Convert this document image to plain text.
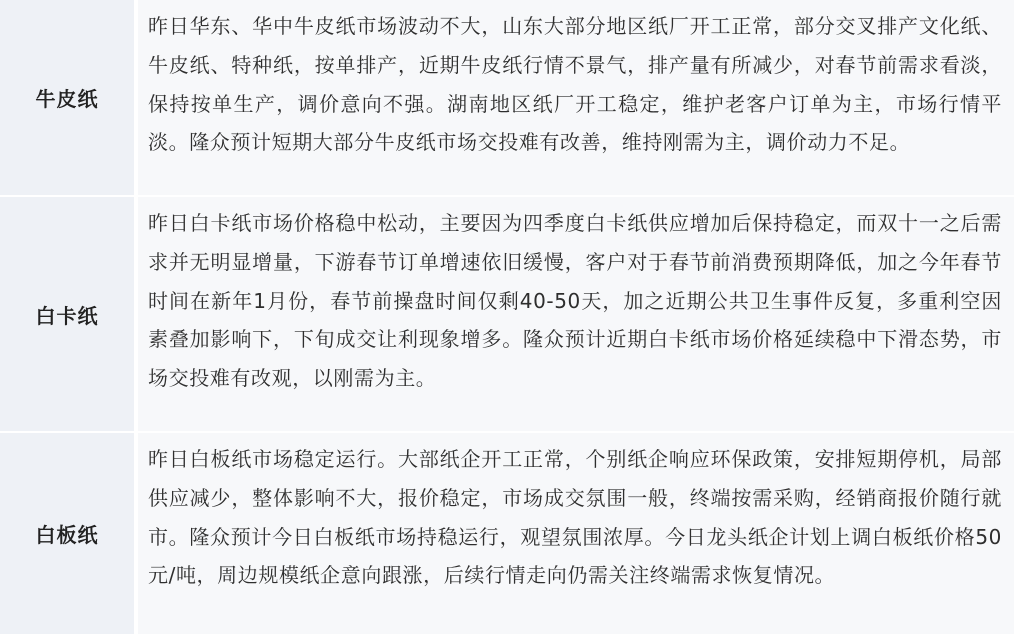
牛皮纸

昨日华东、华中牛皮纸市场波动不大，山东大部分地区纸厂开工正常，部分交叉排产文化纸、牛皮纸、特种纸，按单排产，近期牛皮纸行情不景气，排产量有所减少，对春节前需求看淡，保持按单生产，调价意向不强。湖南地区纸厂开工稳定，维护老客户订单为主，市场行情平淡。隆众预计短期大部分牛皮纸市场交投难有改善，维持刚需为主，调价动力不足。

白卡纸

昨日白卡纸市场价格稳中松动，主要因为四季度白卡纸供应增加后保持稳定，而双十一之后需求并无明显增量，下游春节订单增速依旧缓慢，客户对于春节前消费预期降低，加之今年春节时间在新年1月份，春节前操盘时间仅剩40-50天，加之近期公共卫生事件反复，多重利空因素叠加影响下，下旬成交让利现象增多。隆众预计近期白卡纸市场价格延续稳中下滑态势，市场交投难有改观，以刚需为主。

白板纸

昨日白板纸市场稳定运行。大部纸企开工正常，个别纸企响应环保政策，安排短期停机，局部供应减少，整体影响不大，报价稳定，市场成交氛围一般，终端按需采购，经销商报价随行就市。隆众预计今日白板纸市场持稳运行，观望氛围浓厚。今日龙头纸企计划上调白板纸价格50元/吨，周边规模纸企意向跟涨，后续行情走向仍需关注终端需求恢复情况。
